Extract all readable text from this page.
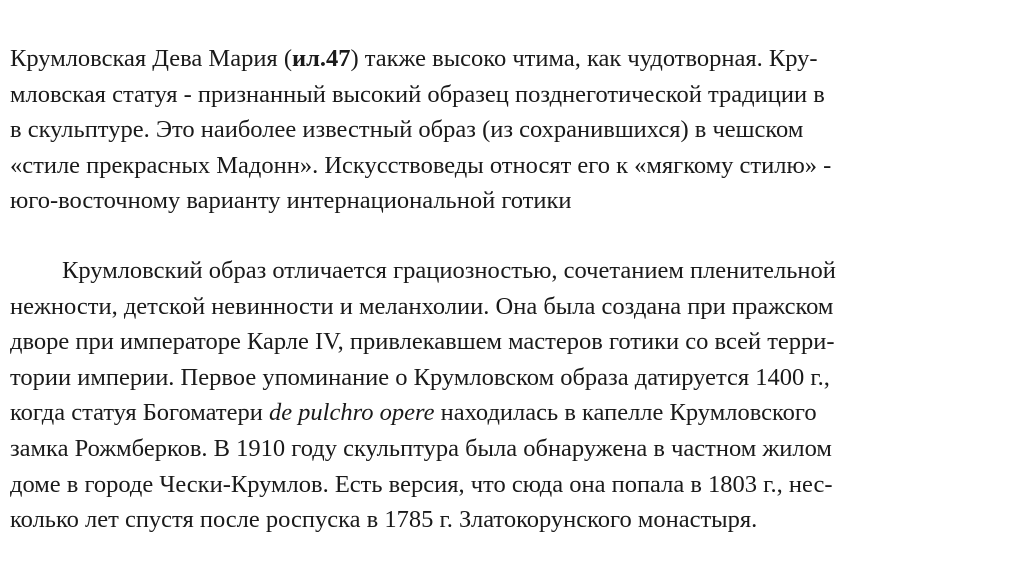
Крумловская Дева Мария (ил.47) также высоко чтима, как чудотворная. Кру-
мловская статуя - признанный высокий образец позднеготической традиции в
в скульптуре. Это наиболее известный образ (из сохранившихся) в чешском
«стиле прекрасных Мадонн». Искусствоведы относят его к «мягкому стилю» -
юго-восточному варианту интернациональной готики
Крумловский образ отличается грациозностью, сочетанием пленительной
нежности, детской невинности и меланхолии. Она была создана при пражском
дворе при императоре Карле IV, привлекавшем мастеров готики со всей терри-
тории империи. Первое упоминание о Крумловском образа датируется 1400 г.,
когда статуя Богоматери de pulchro opere находилась в капелле Крумловского
замка Рожмберков. В 1910 году скульптура была обнаружена в частном жилом
доме в городе Чески-Крумлов. Есть версия, что сюда она попала в 1803 г., нес-
колько лет спустя после роспуска в 1785 г. Златокорунского монастыря.
